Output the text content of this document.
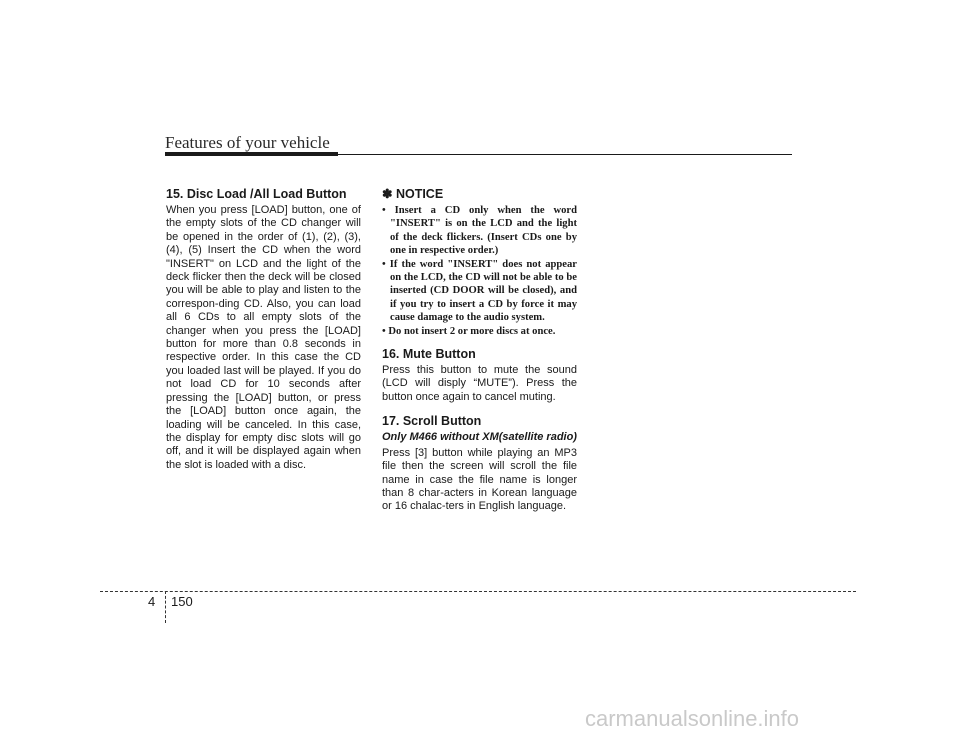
Features of your vehicle
15. Disc Load /All Load Button

When you press [LOAD] button, one of the empty slots of the CD changer will be opened in the order of (1), (2), (3), (4), (5) Insert the CD when the word "INSERT" on LCD and the light of the deck flicker then the deck will be closed you will be able to play and listen to the correspon-ding CD. Also, you can load all 6 CDs to all empty slots of the changer when you press the [LOAD] button for more than 0.8 seconds in respective order. In this case the CD you loaded last will be played. If you do not load CD for 10 seconds after pressing the [LOAD] button, or press the [LOAD] button once again, the loading will be canceled. In this case, the display for empty disc slots will go off, and it will be displayed again when the slot is loaded with a disc.

✽ NOTICE
• Insert a CD only when the word "INSERT" is on the LCD and the light of the deck flickers. (Insert CDs one by one in respective order.)
• If the word "INSERT" does not appear on the LCD, the CD will not be able to be inserted (CD DOOR will be closed), and if you try to insert a CD by force it may cause damage to the audio system.
• Do not insert 2 or more discs at once.
16. Mute Button

Press this button to mute the sound (LCD will disply “MUTE”). Press the button once again to cancel muting.

17. Scroll Button

Only M466 without XM(satellite radio)

Press [3] button while playing an MP3 file then the screen will scroll the file name in case the file name is longer than 8 char-acters in Korean language or 16 chalac-ters in English language.

4 150
carmanualsonline.info
